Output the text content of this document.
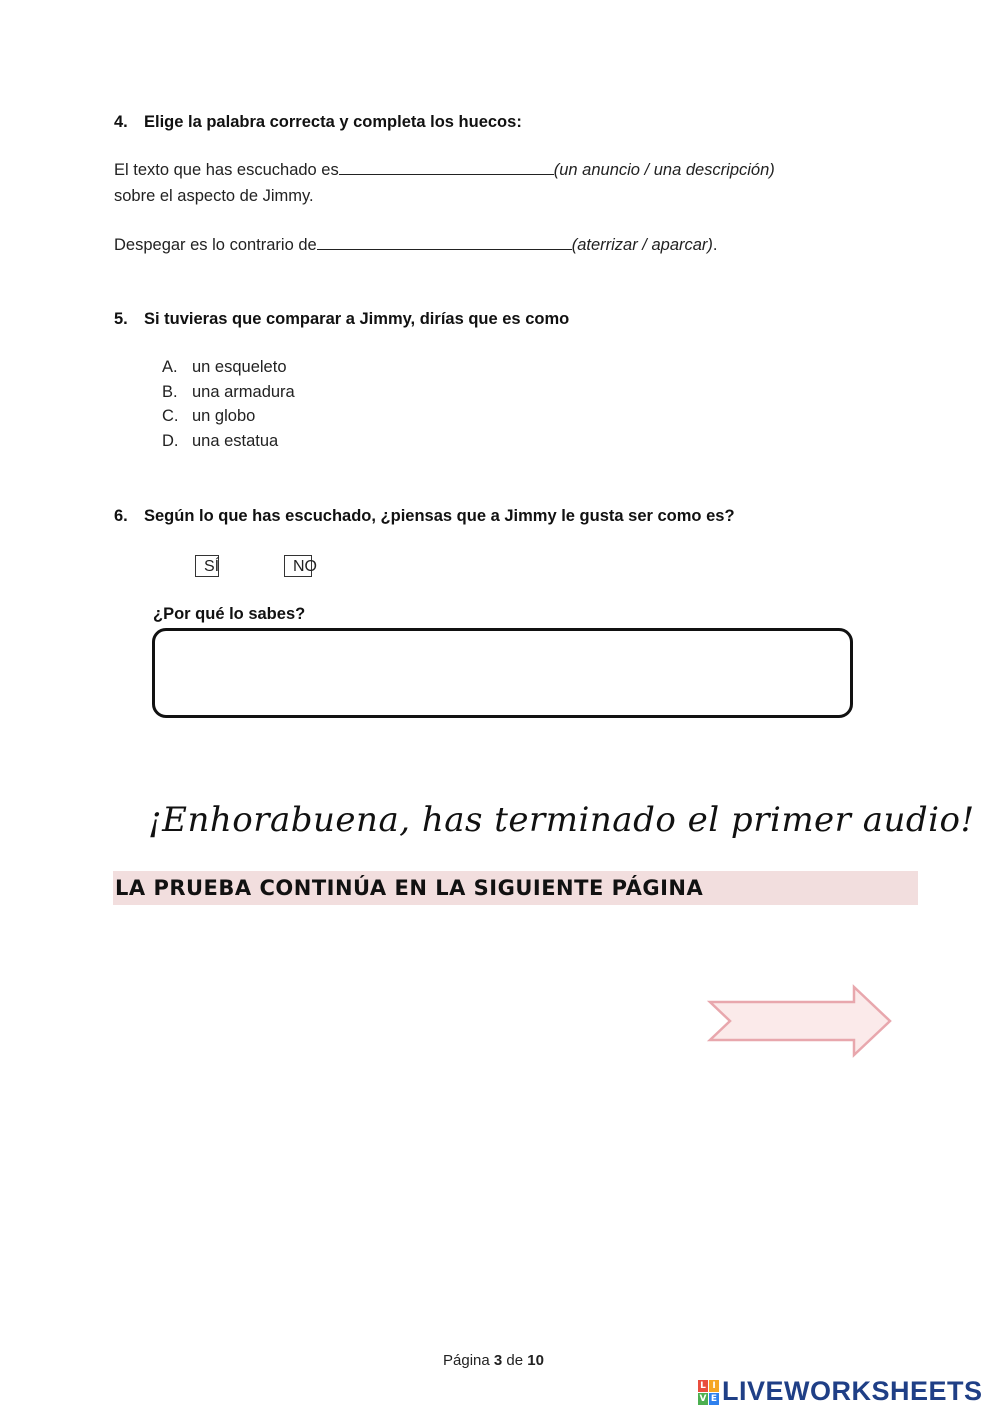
4. Elige la palabra correcta y completa los huecos:
El texto que has escuchado es	(un anuncio / una descripción)
sobre el aspecto de Jimmy.
Despegar es lo contrario de	(aterrizar / aparcar).
5. Si tuvieras que comparar a Jimmy, dirías que es como
A. un esqueleto
B. una armadura
C. un globo
D. una estatua
6. Según lo que has escuchado, ¿piensas que a Jimmy le gusta ser como es?
SÍ	NO
¿Por qué lo sabes?
¡Enhorabuena, has terminado el primer audio!
LA PRUEBA CONTINÚA EN LA SIGUIENTE PÁGINA
Página 3 de 10
L I
V E LIVEWORKSHEETS
